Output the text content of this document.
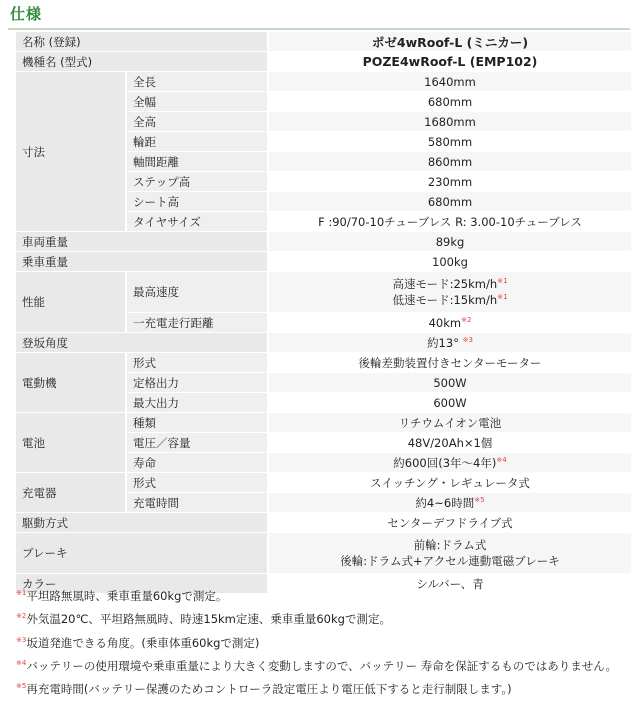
仕様
名称 (登録)		ポゼ4wRoof-L (ミニカー)

機種名 (型式)		POZE4wRoof-L (EMP102)

寸法	全長	1640mm

	全幅	680mm

	全高	1680mm

	輪距	580mm

	軸間距離	860mm

	ステップ高	230mm

	シート高	680mm

	タイヤサイズ	F :90/70-10チューブレス R: 3.00-10チューブレス

車両重量		89kg

乗車重量		100kg

性能	最高速度	高速モード$:25km/h^{※1}$
低速モード$:15km/h^{※1}$

	一充電走行距離	$40km^{※2}$

登坂角度		約13° $^{※3}$

電動機	形式	後輪差動装置付きセンターモーター

	定格出力	500W

	最大出力	600W

電池	種類	リチウムイオン電池

	電圧／容量	48V/20Ah×1個

	寿命	約600回(3年～4年)$^{※4}$

充電器	形式	スイッチング・レギュレータ式

	充電時間	約4~6時間$^{※5}$

駆動方式		センターデフドライブ式

ブレーキ		前輪:ドラム式
後輪:ドラム式+アクセル連動電磁ブレーキ

カラー		シルバー、青

$^{※1}$平坦路無風時、乗車重量60kgで測定。

$^{※2}$外気温20℃、平坦路無風時、時速15km定速、乗車重量60kgで測定。

$^{※3}$坂道発進できる角度。(乗車体重60kgで測定)

$^{※4}$バッテリーの使用環境や乗車重量により大きく変動しますので、バッテリー 寿命を保証するものではありません。

$^{※5}$再充電時間(バッテリー保護のためコントローラ設定電圧より電圧低下すると走行制限します。)
